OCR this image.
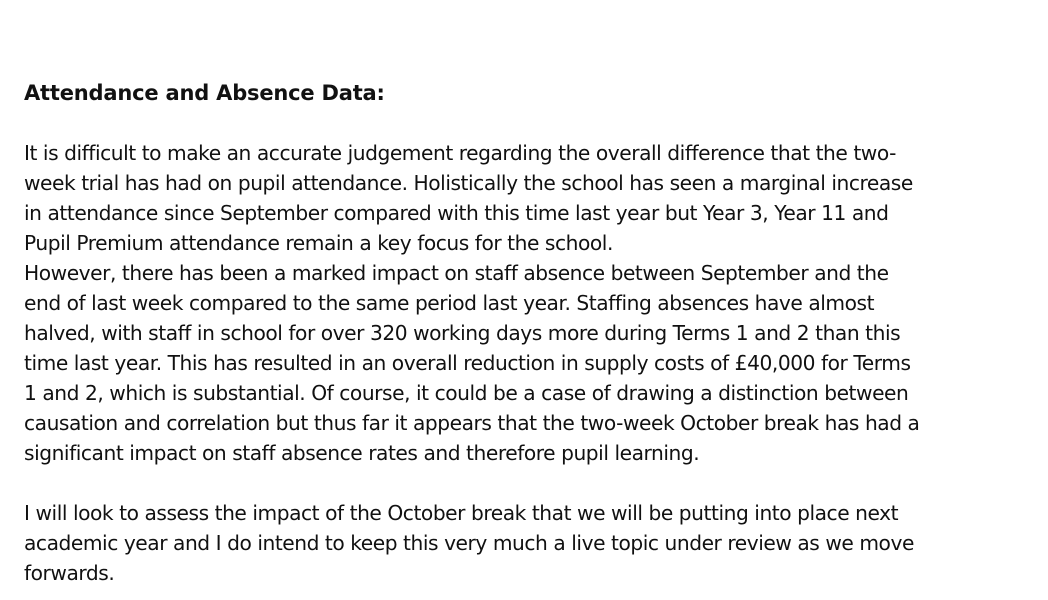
Attendance and Absence Data:

It is difficult to make an accurate judgement regarding the overall difference that the two-
week trial has had on pupil attendance. Holistically the school has seen a marginal increase
in attendance since September compared with this time last year but Year 3, Year 11 and
Pupil Premium attendance remain a key focus for the school.

However, there has been a marked impact on staff absence between September and the
end of last week compared to the same period last year. Staffing absences have almost
halved, with staff in school for over 320 working days more during Terms 1 and 2 than this
time last year. This has resulted in an overall reduction in supply costs of £40,000 for Terms
1 and 2, which is substantial. Of course, it could be a case of drawing a distinction between
causation and correlation but thus far it appears that the two-week October break has had a
significant impact on staff absence rates and therefore pupil learning.

I will look to assess the impact of the October break that we will be putting into place next
academic year and I do intend to keep this very much a live topic under review as we move
forwards.
